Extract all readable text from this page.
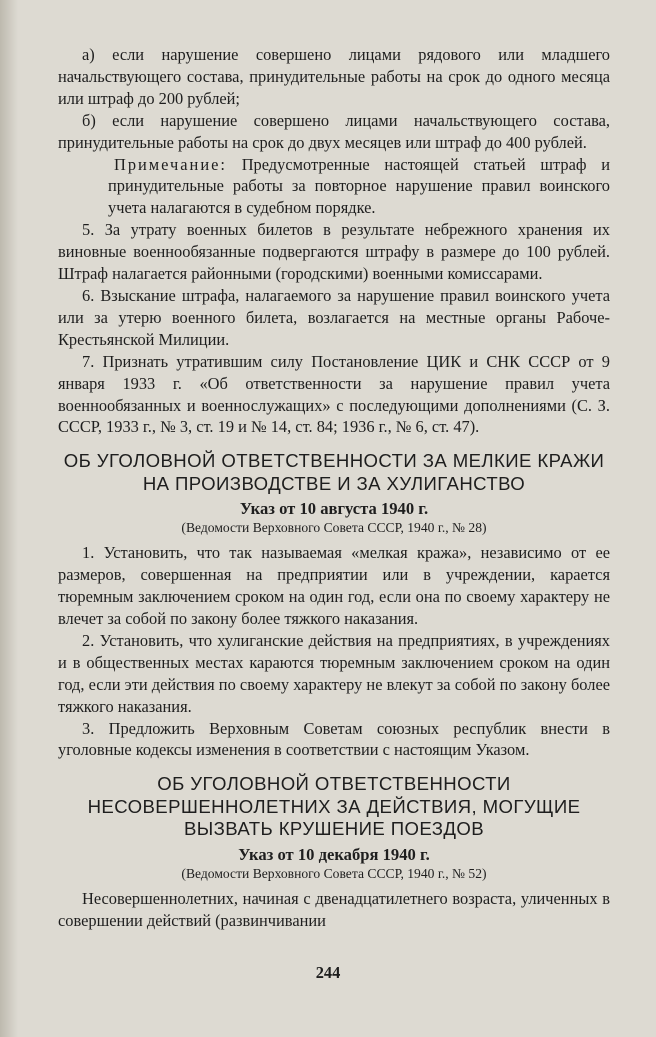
а) если нарушение совершено лицами рядового или младшего начальствующего состава, принудительные работы на срок до одного месяца или штраф до 200 рублей;

б) если нарушение совершено лицами начальствующего состава, принудительные работы на срок до двух месяцев или штраф до 400 рублей.

Примечание: Предусмотренные настоящей статьей штраф и принудительные работы за повторное нарушение правил воинского учета налагаются в судебном порядке.

5. За утрату военных билетов в результате небрежного хранения их виновные военнообязанные подвергаются штрафу в размере до 100 рублей. Штраф налагается районными (городскими) военными комиссарами.

6. Взыскание штрафа, налагаемого за нарушение правил воинского учета или за утерю военного билета, возлагается на местные органы Рабоче-Крестьянской Милиции.

7. Признать утратившим силу Постановление ЦИК и СНК СССР от 9 января 1933 г. «Об ответственности за нарушение правил учета военнообязанных и военнослужащих» с последующими дополнениями (С. З. СССР, 1933 г., № 3, ст. 19 и № 14, ст. 84; 1936 г., № 6, ст. 47).

ОБ УГОЛОВНОЙ ОТВЕТСТВЕННОСТИ ЗА МЕЛКИЕ КРАЖИ НА ПРОИЗВОДСТВЕ И ЗА ХУЛИГАНСТВО
Указ от 10 августа 1940 г.
(Ведомости Верховного Совета СССР, 1940 г., № 28)

1. Установить, что так называемая «мелкая кража», независимо от ее размеров, совершенная на предприятии или в учреждении, карается тюремным заключением сроком на один год, если она по своему характеру не влечет за собой по закону более тяжкого наказания.

2. Установить, что хулиганские действия на предприятиях, в учреждениях и в общественных местах караются тюремным заключением сроком на один год, если эти действия по своему характеру не влекут за собой по закону более тяжкого наказания.

3. Предложить Верховным Советам союзных республик внести в уголовные кодексы изменения в соответствии с настоящим Указом.

ОБ УГОЛОВНОЙ ОТВЕТСТВЕННОСТИ НЕСОВЕРШЕННОЛЕТНИХ ЗА ДЕЙСТВИЯ, МОГУЩИЕ ВЫЗВАТЬ КРУШЕНИЕ ПОЕЗДОВ
Указ от 10 декабря 1940 г.
(Ведомости Верховного Совета СССР, 1940 г., № 52)

Несовершеннолетних, начиная с двенадцатилетнего возраста, уличенных в совершении действий (развинчивании

244
